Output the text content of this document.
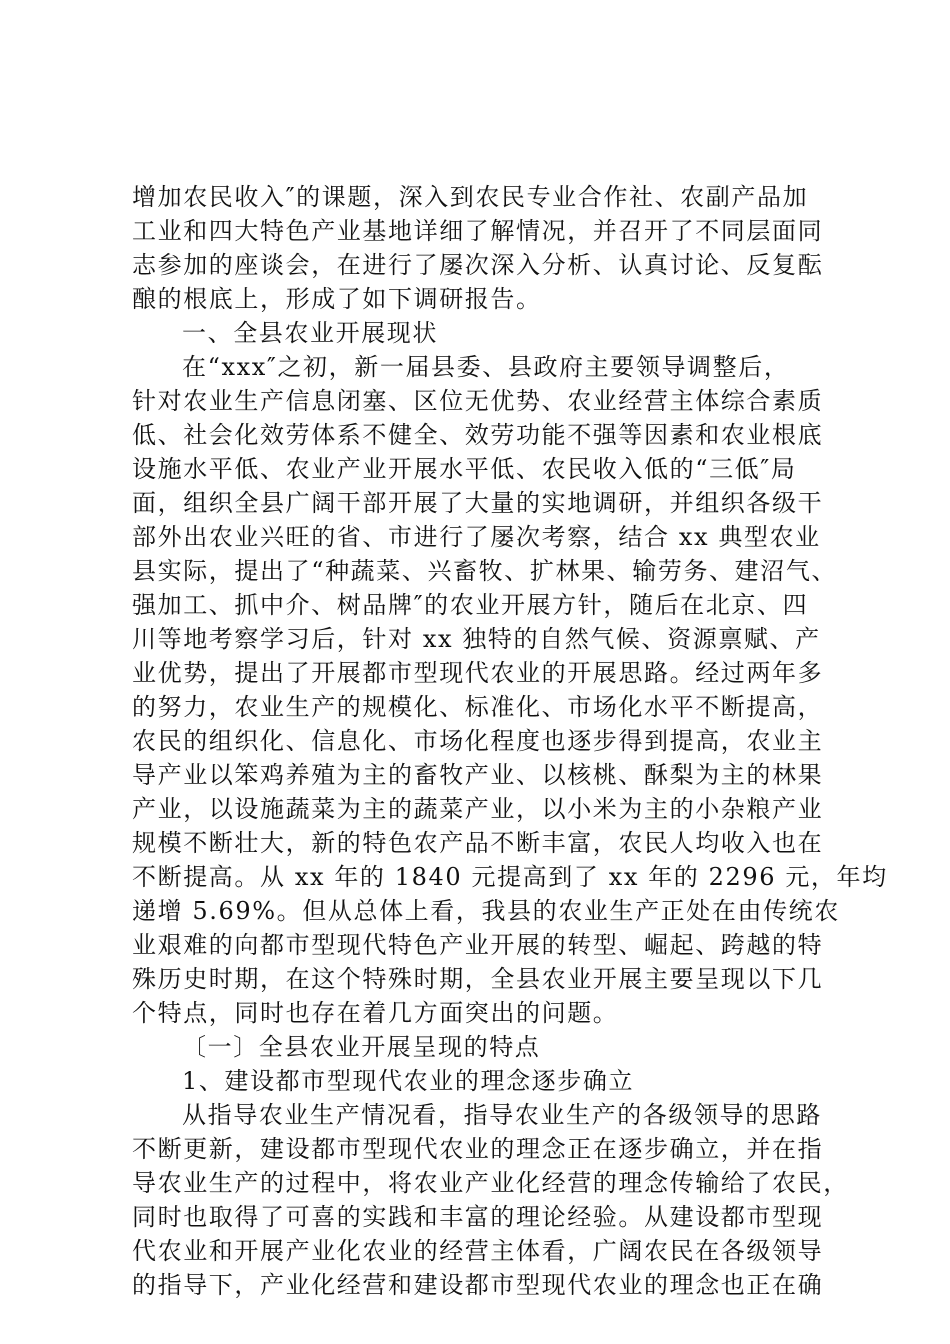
增加农民收入″的课题，深入到农民专业合作社、农副产品加
工业和四大特色产业基地详细了解情况，并召开了不同层面同
志参加的座谈会，在进行了屡次深入分析、认真讨论、反复酝
酿的根底上，形成了如下调研报告。
一、全县农业开展现状
在“xxx″之初，新一届县委、县政府主要领导调整后，
针对农业生产信息闭塞、区位无优势、农业经营主体综合素质
低、社会化效劳体系不健全、效劳功能不强等因素和农业根底
设施水平低、农业产业开展水平低、农民收入低的“三低″局
面，组织全县广阔干部开展了大量的实地调研，并组织各级干
部外出农业兴旺的省、市进行了屡次考察，结合 xx 典型农业
县实际，提出了“种蔬菜、兴畜牧、扩林果、输劳务、建沼气、
强加工、抓中介、树品牌″的农业开展方针，随后在北京、四
川等地考察学习后，针对 xx 独特的自然气候、资源禀赋、产
业优势，提出了开展都市型现代农业的开展思路。经过两年多
的努力，农业生产的规模化、标准化、市场化水平不断提高，
农民的组织化、信息化、市场化程度也逐步得到提高，农业主
导产业以笨鸡养殖为主的畜牧产业、以核桃、酥梨为主的林果
产业，以设施蔬菜为主的蔬菜产业，以小米为主的小杂粮产业
规模不断壮大，新的特色农产品不断丰富，农民人均收入也在
不断提高。从 xx 年的 1840 元提高到了 xx 年的 2296 元，年均
递增 5.69%。但从总体上看，我县的农业生产正处在由传统农
业艰难的向都市型现代特色产业开展的转型、崛起、跨越的特
殊历史时期，在这个特殊时期，全县农业开展主要呈现以下几
个特点，同时也存在着几方面突出的问题。
〔一〕全县农业开展呈现的特点
1、建设都市型现代农业的理念逐步确立
从指导农业生产情况看，指导农业生产的各级领导的思路
不断更新，建设都市型现代农业的理念正在逐步确立，并在指
导农业生产的过程中，将农业产业化经营的理念传输给了农民，
同时也取得了可喜的实践和丰富的理论经验。从建设都市型现
代农业和开展产业化农业的经营主体看，广阔农民在各级领导
的指导下，产业化经营和建设都市型现代农业的理念也正在确
